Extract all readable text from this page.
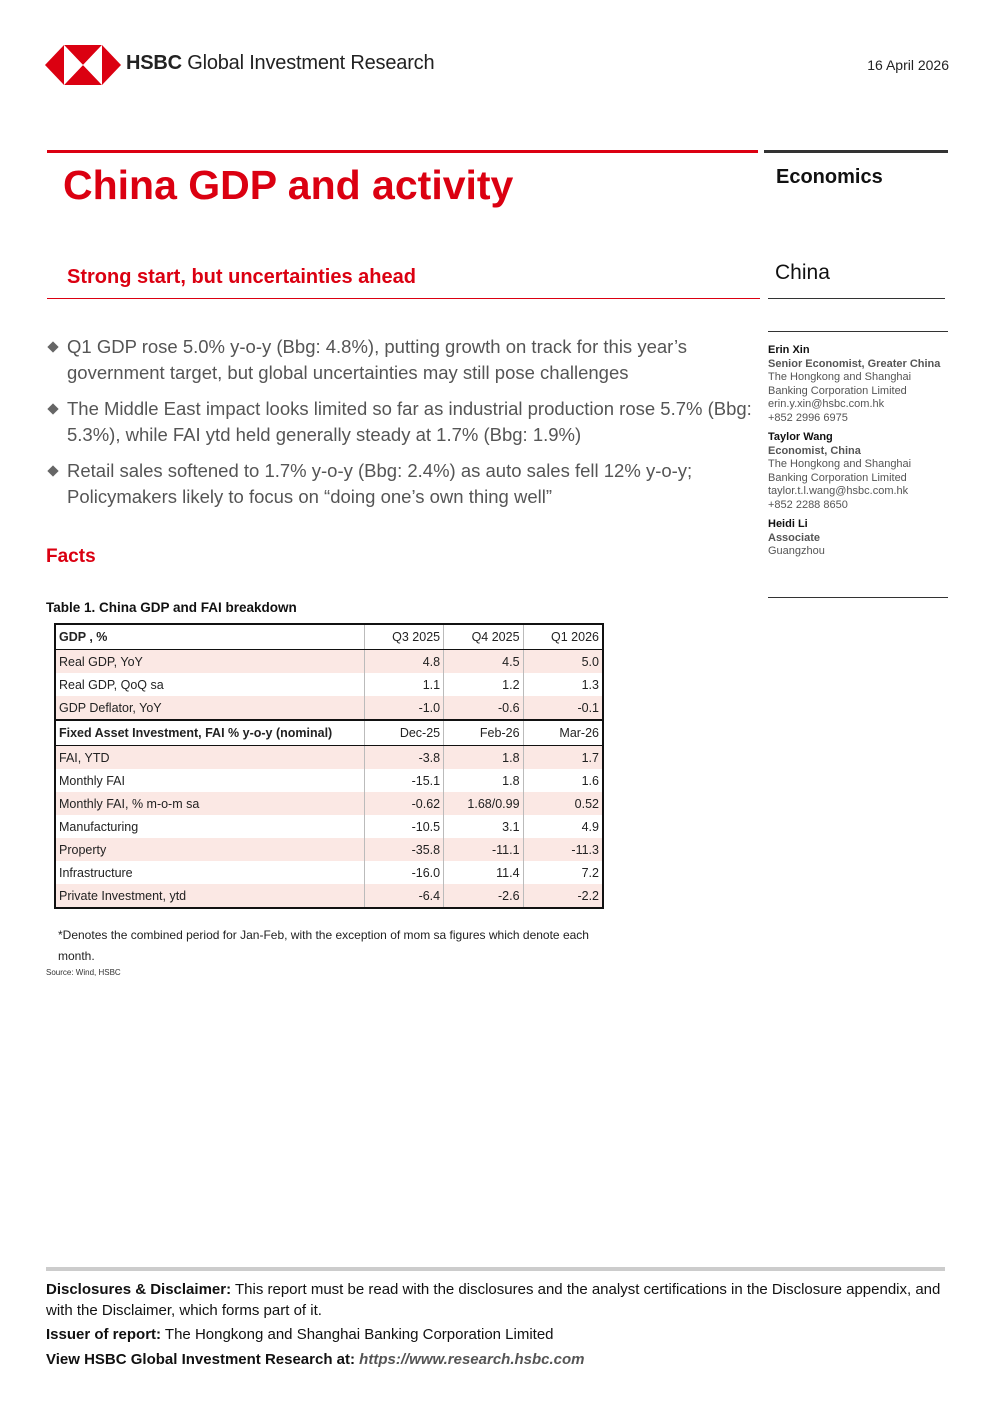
HSBC Global Investment Research	16 April 2026
China GDP and activity	Economics
Strong start, but uncertainties ahead	China
Q1 GDP rose 5.0% y-o-y (Bbg: 4.8%), putting growth on track for this year’s government target, but global uncertainties may still pose challenges
The Middle East impact looks limited so far as industrial production rose 5.7% (Bbg: 5.3%), while FAI ytd held generally steady at 1.7% (Bbg: 1.9%)
Retail sales softened to 1.7% y-o-y (Bbg: 2.4%) as auto sales fell 12% y-o-y; Policymakers likely to focus on “doing one’s own thing well”
Facts
Erin Xin
Senior Economist, Greater China
The Hongkong and Shanghai Banking Corporation Limited
erin.y.xin@hsbc.com.hk
+852 2996 6975
Taylor Wang
Economist, China
The Hongkong and Shanghai Banking Corporation Limited
taylor.t.l.wang@hsbc.com.hk
+852 2288 8650
Heidi Li
Associate
Guangzhou
Table 1. China GDP and FAI breakdown
GDP , %	Q3 2025	Q4 2025	Q1 2026
Real GDP, YoY	4.8	4.5	5.0
Real GDP, QoQ sa	1.1	1.2	1.3
GDP Deflator, YoY	-1.0	-0.6	-0.1
Fixed Asset Investment, FAI % y-o-y (nominal)	Dec-25	Feb-26	Mar-26
FAI, YTD	-3.8	1.8	1.7
Monthly FAI	-15.1	1.8	1.6
Monthly FAI, % m-o-m sa	-0.62	1.68/0.99	0.52
Manufacturing	-10.5	3.1	4.9
Property	-35.8	-11.1	-11.3
Infrastructure	-16.0	11.4	7.2
Private Investment, ytd	-6.4	-2.6	-2.2
*Denotes the combined period for Jan-Feb, with the exception of mom sa figures which denote each month.
Source: Wind, HSBC
Disclosures & Disclaimer: This report must be read with the disclosures and the analyst certifications in the Disclosure appendix, and with the Disclaimer, which forms part of it.
Issuer of report: The Hongkong and Shanghai Banking Corporation Limited
View HSBC Global Investment Research at: https://www.research.hsbc.com
